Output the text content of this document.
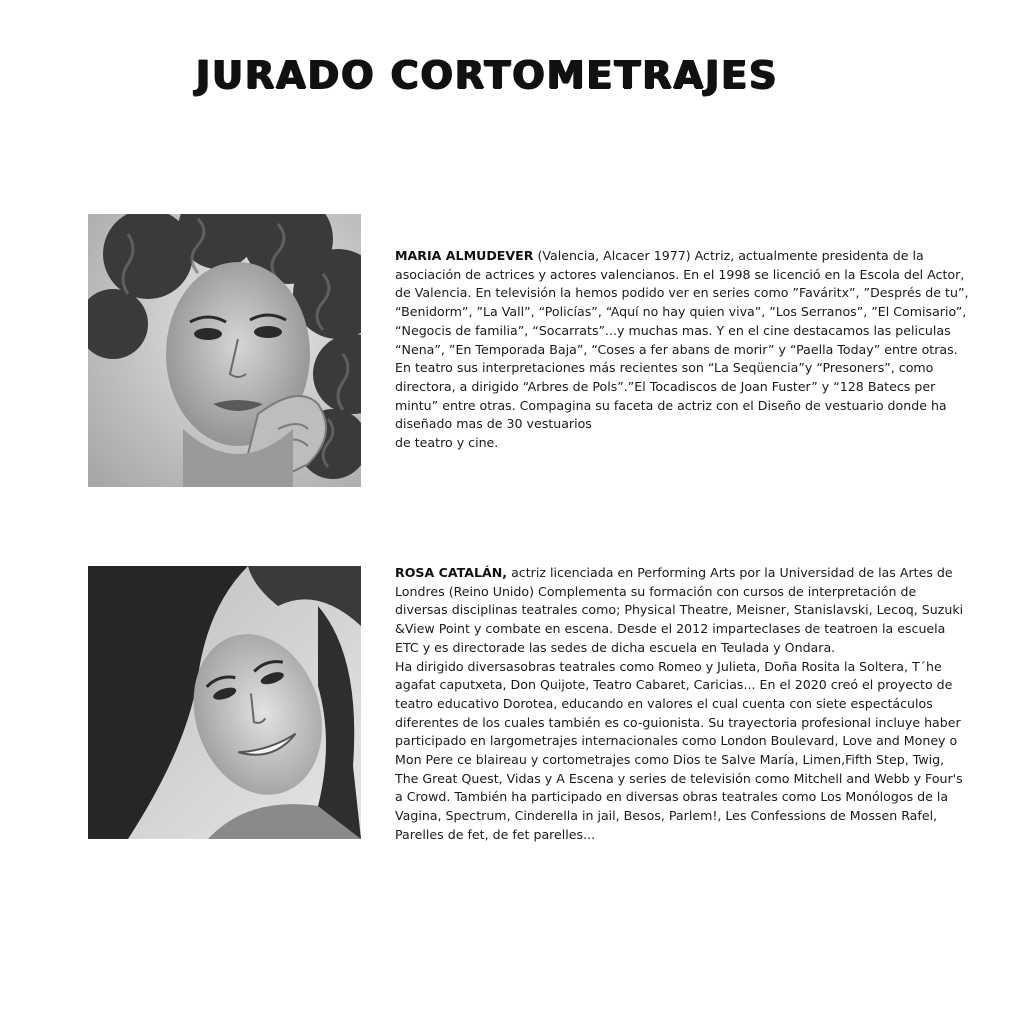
JURADO CORTOMETRAJES

MARIA ALMUDEVER (Valencia, Alcacer 1977) Actriz, actualmente presidenta de la
asociación de actrices y actores valencianos. En el 1998 se licenció en la Escola del Actor,
de Valencia. En televisión la hemos podido ver en series como ”Faváritx”, ”Després de tu”,
“Benidorm”, ”La Vall”, “Policías”, “Aquí no hay quien viva”, ”Los Serranos”, ”El Comisario”,
“Negocis de familia”, “Socarrats”...y muchas mas. Y en el cine destacamos las peliculas
“Nena”, ”En Temporada Baja”, “Coses a fer abans de morir” y “Paella Today” entre otras.
En teatro sus interpretaciones más recientes son “La Seqüencia”y “Presoners”, como
directora, a dirigido “Arbres de Pols”.”El Tocadiscos de Joan Fuster” y “128 Batecs per
mintu” entre otras. Compagina su faceta de actriz con el Diseño de vestuario donde ha
diseñado mas de 30 vestuarios
de teatro y cine.

ROSA CATALÁN, actriz licenciada en Performing Arts por la Universidad de las Artes de
Londres (Reino Unido) Complementa su formación con cursos de interpretación de
diversas disciplinas teatrales como; Physical Theatre, Meisner, Stanislavski, Lecoq, Suzuki
&View Point y combate en escena. Desde el 2012 imparteclases de teatroen la escuela
ETC y es directorade las sedes de dicha escuela en Teulada y Ondara.
Ha dirigido diversasobras teatrales como Romeo y Julieta, Doña Rosita la Soltera, T´he
agafat caputxeta, Don Quijote, Teatro Cabaret, Caricias... En el 2020 creó el proyecto de
teatro educativo Dorotea, educando en valores el cual cuenta con siete espectáculos
diferentes de los cuales también es co-guionista. Su trayectoria profesional incluye haber
participado en largometrajes internacionales como London Boulevard, Love and Money o
Mon Pere ce blaireau y cortometrajes como Dios te Salve María, Limen,Fifth Step, Twig,
The Great Quest, Vidas y A Escena y series de televisión como Mitchell and Webb y Four's
a Crowd. También ha participado en diversas obras teatrales como Los Monólogos de la
Vagina, Spectrum, Cinderella in jail, Besos, Parlem!, Les Confessions de Mossen Rafel,
Parelles de fet, de fet parelles...
